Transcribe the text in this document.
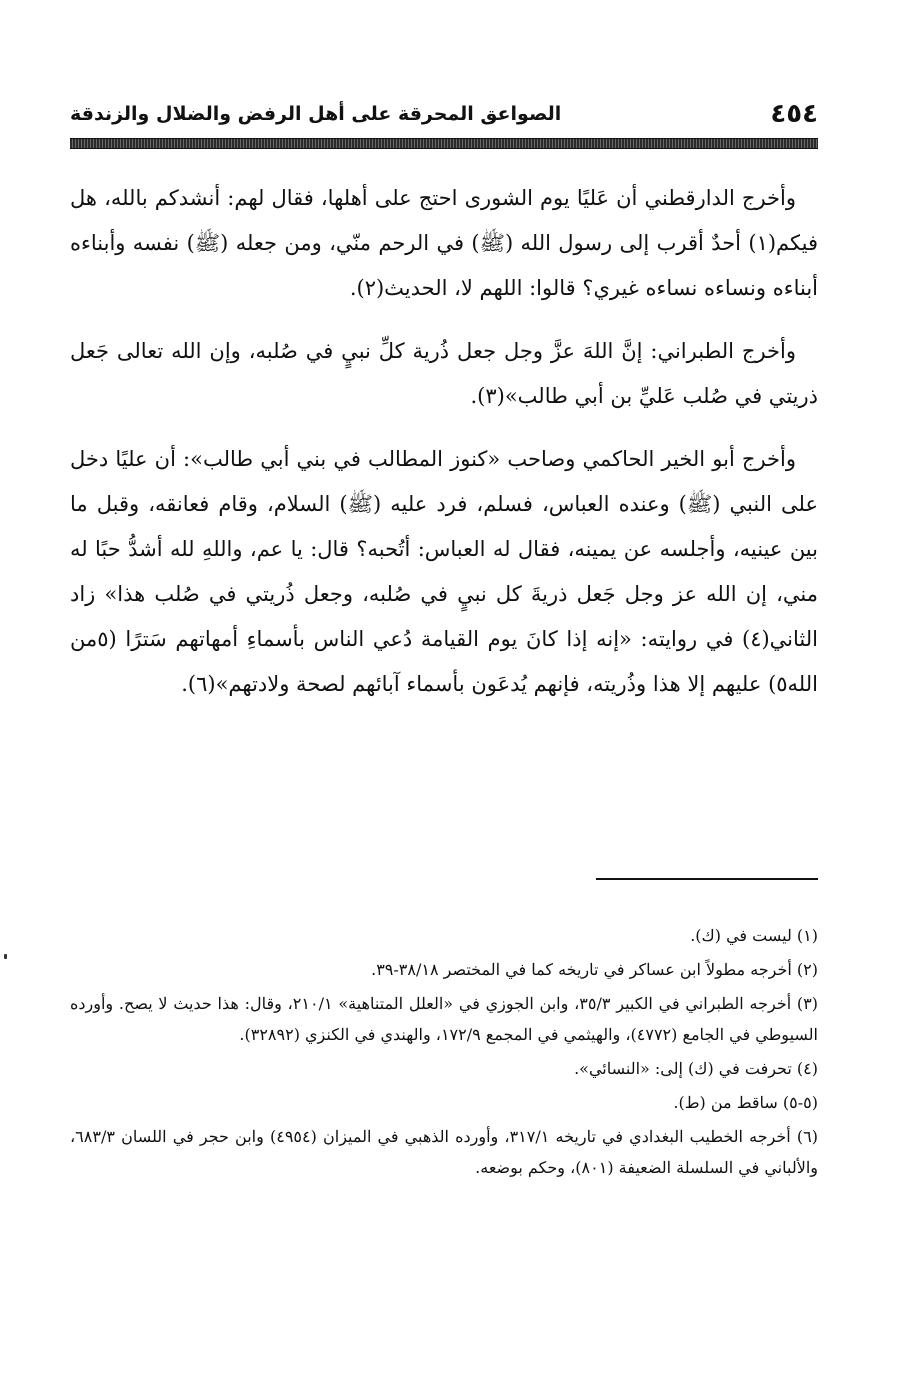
٤٥٤
الصواعق المحرقة على أهل الرفض والضلال والزندقة

وأخرج الدارقطني أن عَليًا يوم الشورى احتج على أهلها، فقال لهم: أنشدكم بالله، هل فيكم(١) أحدٌ أقرب إلى رسول الله (ﷺ) في الرحم منّي، ومن جعله (ﷺ) نفسه وأبناءه أبناءه ونساءه نساءه غيري؟ قالوا: اللهم لا، الحديث(٢).

وأخرج الطبراني: إنَّ اللهَ عزَّ وجل جعل ذُرية كلِّ نبيٍ في صُلبه، وإن الله تعالى جَعل ذريتي في صُلب عَليِّ بن أبي طالب»(٣).

وأخرج أبو الخير الحاكمي وصاحب «كنوز المطالب في بني أبي طالب»: أن عليًا دخل على النبي (ﷺ) وعنده العباس، فسلم، فرد عليه (ﷺ) السلام، وقام فعانقه، وقبل ما بين عينيه، وأجلسه عن يمينه، فقال له العباس: أتُحبه؟ قال: يا عم، واللهِ لله أشدُّ حبًا له مني، إن الله عز وجل جَعل ذريةَ كل نبيٍ في صُلبه، وجعل ذُريتي في صُلب هذا» زاد الثاني(٤) في روايته: «إنه إذا كانَ يوم القيامة دُعي الناس بأسماءِ أمهاتهم سَترًا (٥من الله٥) عليهم إلا هذا وذُريته، فإنهم يُدعَون بأسماء آبائهم لصحة ولادتهم»(٦).

(١) ليست في (ك).

(٢) أخرجه مطولاً ابن عساكر في تاريخه كما في المختصر ٣٨/١٨-٣٩.

(٣) أخرجه الطبراني في الكبير ٣٥/٣، وابن الجوزي في «العلل المتناهية» ٢١٠/١، وقال: هذا حديث لا يصح. وأورده السيوطي في الجامع (٤٧٧٢)، والهيثمي في المجمع ١٧٢/٩، والهندي في الكنزي (٣٢٨٩٢).

(٤) تحرفت في (ك) إلى: «النسائي».

(٥-٥) ساقط من (ط).

(٦) أخرجه الخطيب البغدادي في تاريخه ٣١٧/١، وأورده الذهبي في الميزان (٤٩٥٤) وابن حجر في اللسان ٦٨٣/٣، والألباني في السلسلة الضعيفة (٨٠١)، وحكم بوضعه.
